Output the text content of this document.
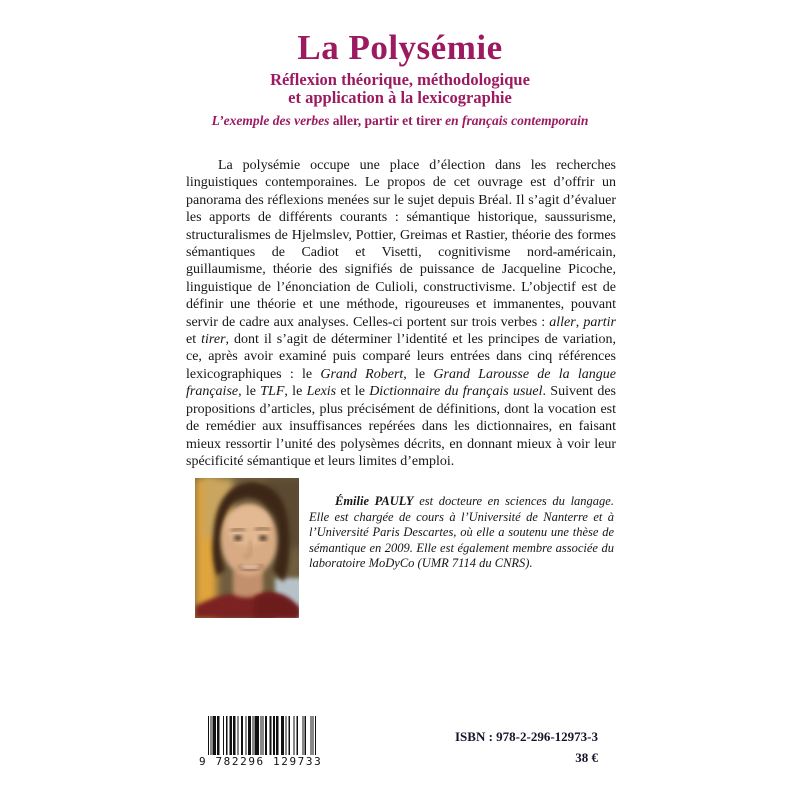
La Polysémie
Réflexion théorique, méthodologique
et application à la lexicographie
L’exemple des verbes aller, partir et tirer en français contemporain

La polysémie occupe une place d’élection dans les recherches linguistiques contemporaines. Le propos de cet ouvrage est d’offrir un panorama des réflexions menées sur le sujet depuis Bréal. Il s’agit d’évaluer les apports de différents courants : sémantique historique, saussurisme, structuralismes de Hjelmslev, Pottier, Greimas et Rastier, théorie des formes sémantiques de Cadiot et Visetti, cognitivisme nord-américain, guillaumisme, théorie des signifiés de puissance de Jacqueline Picoche, linguistique de l’énonciation de Culioli, constructivisme. L’objectif est de définir une théorie et une méthode, rigoureuses et immanentes, pouvant servir de cadre aux analyses. Celles-ci portent sur trois verbes : aller, partir et tirer, dont il s’agit de déterminer l’identité et les principes de variation, ce, après avoir examiné puis comparé leurs entrées dans cinq références lexicographiques : le Grand Robert, le Grand Larousse de la langue française, le TLF, le Lexis et le Dictionnaire du français usuel. Suivent des propositions d’articles, plus précisément de définitions, dont la vocation est de remédier aux insuffisances repérées dans les dictionnaires, en faisant mieux ressortir l’unité des polysèmes décrits, en donnant mieux à voir leur spécificité sémantique et leurs limites d’emploi.

Émilie PAULY est docteure en sciences du langage. Elle est chargée de cours à l’Université de Nanterre et à l’Université Paris Descartes, où elle a soutenu une thèse de sémantique en 2009. Elle est également membre associée du laboratoire MoDyCo (UMR 7114 du CNRS).

9 782296 129733
ISBN : 978-2-296-12973-3
38 €
